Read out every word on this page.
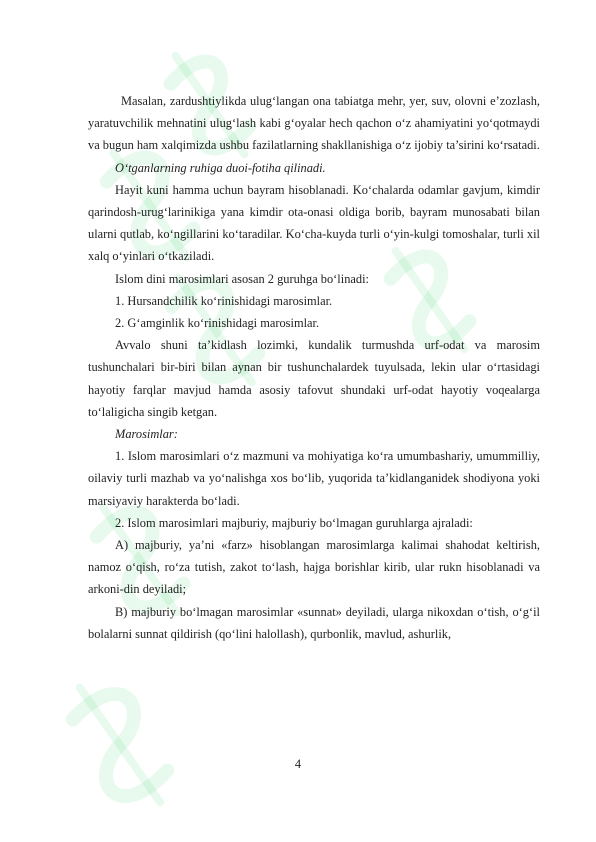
Masalan, zardushtiylikda ulug‘langan ona tabiatga mehr, yer, suv, olovni e’zozlash, yaratuvchilik mehnatini ulug‘lash kabi g‘oyalar hech qachon o‘z ahamiyatini yo‘qotmaydi va bugun ham xalqimizda ushbu fazilatlarning shakllanishiga o‘z ijobiy ta’sirini ko‘rsatadi.

O‘tganlarning ruhiga duoi-fotiha qilinadi.

Hayit kuni hamma uchun bayram hisoblanadi. Ko‘chalarda odamlar gavjum, kimdir qarindosh-urug‘larinikiga yana kimdir ota-onasi oldiga borib, bayram munosabati bilan ularni qutlab, ko‘ngillarini ko‘taradilar. Ko‘cha-kuyda turli o‘yin-kulgi tomoshalar, turli xil xalq o‘yinlari o‘tkaziladi.

Islom dini marosimlari asosan 2 guruhga bo‘linadi:

1. Hursandchilik ko‘rinishidagi marosimlar.

2. G‘amginlik ko‘rinishidagi marosimlar.

Avvalo shuni ta’kidlash lozimki, kundalik turmushda urf-odat va marosim tushunchalari bir-biri bilan aynan bir tushunchalardek tuyulsada, lekin ular o‘rtasidagi hayotiy farqlar mavjud hamda asosiy tafovut shundaki urf-odat hayotiy voqealarga to‘laligicha singib ketgan.

Marosimlar:

1. Islom marosimlari o‘z mazmuni va mohiyatiga ko‘ra umumbashariy, umummilliy, oilaviy turli mazhab va yo‘nalishga xos bo‘lib, yuqorida ta’kidlanganidek shodiyona yoki marsiyaviy harakterda bo‘ladi.

2. Islom marosimlari majburiy, majburiy bo‘lmagan guruhlarga ajraladi:

A) majburiy, ya’ni «farz» hisoblangan marosimlarga kalimai shahodat keltirish, namoz o‘qish, ro‘za tutish, zakot to‘lash, hajga borishlar kirib, ular rukn hisoblanadi va arkoni-din deyiladi;

B) majburiy bo‘lmagan marosimlar «sunnat» deyiladi, ularga nikoxdan o‘tish, o‘g‘il bolalarni sunnat qildirish (qo‘lini halollash), qurbonlik, mavlud, ashurlik,

4
